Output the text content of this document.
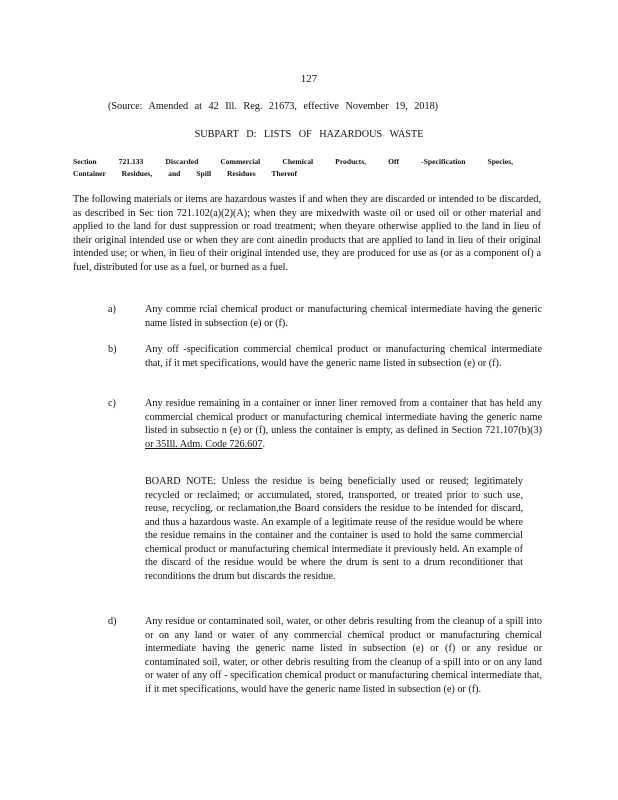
127
(Source: Amended at 42 Ill. Reg. 21673, effective November 19, 2018)
SUBPART D: LISTS OF HAZARDOUS WASTE
Section 721.133 Discarded Commercial Chemical Products, Off -Specification Species,
Container Residues, and Spill Residues Thereof
The following materials or items are hazardous wastes if and when they are discarded or intended to be discarded, as described in Sec tion 721.102(a)(2)(A); when they are mixedwith waste oil or used oil or other material and applied to the land for dust suppression or road treatment; when theyare otherwise applied to the land in lieu of their original intended use or when they are cont ainedin products that are applied to land in lieu of their original intended use; or when, in lieu of their original intended use, they are produced for use as (or as a component of) a fuel, distributed for use as a fuel, or burned as a fuel.
a)	Any comme rcial chemical product or manufacturing chemical intermediate having the generic name listed in subsection (e) or (f).
b)	Any off -specification commercial chemical product or manufacturing chemical intermediate that, if it met specifications, would have the generic name listed in subsection (e) or (f).
c)	Any residue remaining in a container or inner liner removed from a container that has held any commercial chemical product or manufacturing chemical intermediate having the generic name listed in subsectio n (e) or (f), unless the container is empty, as defined in Section 721.107(b)(3) or 35Ill. Adm. Code 726.607.
BOARD NOTE: Unless the residue is being beneficially used or reused; legitimately recycled or reclaimed; or accumulated, stored, transported, or treated prior to such use, reuse, recycling, or reclamation,the Board considers the residue to be intended for discard, and thus a hazardous waste. An example of a legitimate reuse of the residue would be where the residue remains in the container and the container is used to hold the same commercial chemical product or manufacturing chemical intermediate it previously held. An example of the discard of the residue would be where the drum is sent to a drum reconditioner that reconditions the drum but discards the residue.
d)	Any residue or contaminated soil, water, or other debris resulting from the cleanup of a spill into or on any land or water of any commercial chemical product or manufacturing chemical intermediate having the generic name listed in subsection (e) or (f) or any residue or contaminated soil, water, or other debris resulting from the cleanup of a spill into or on any land or water of any off - specification chemical product or manufacturing chemical intermediate that, if it met specifications, would have the generic name listed in subsection (e) or (f).
